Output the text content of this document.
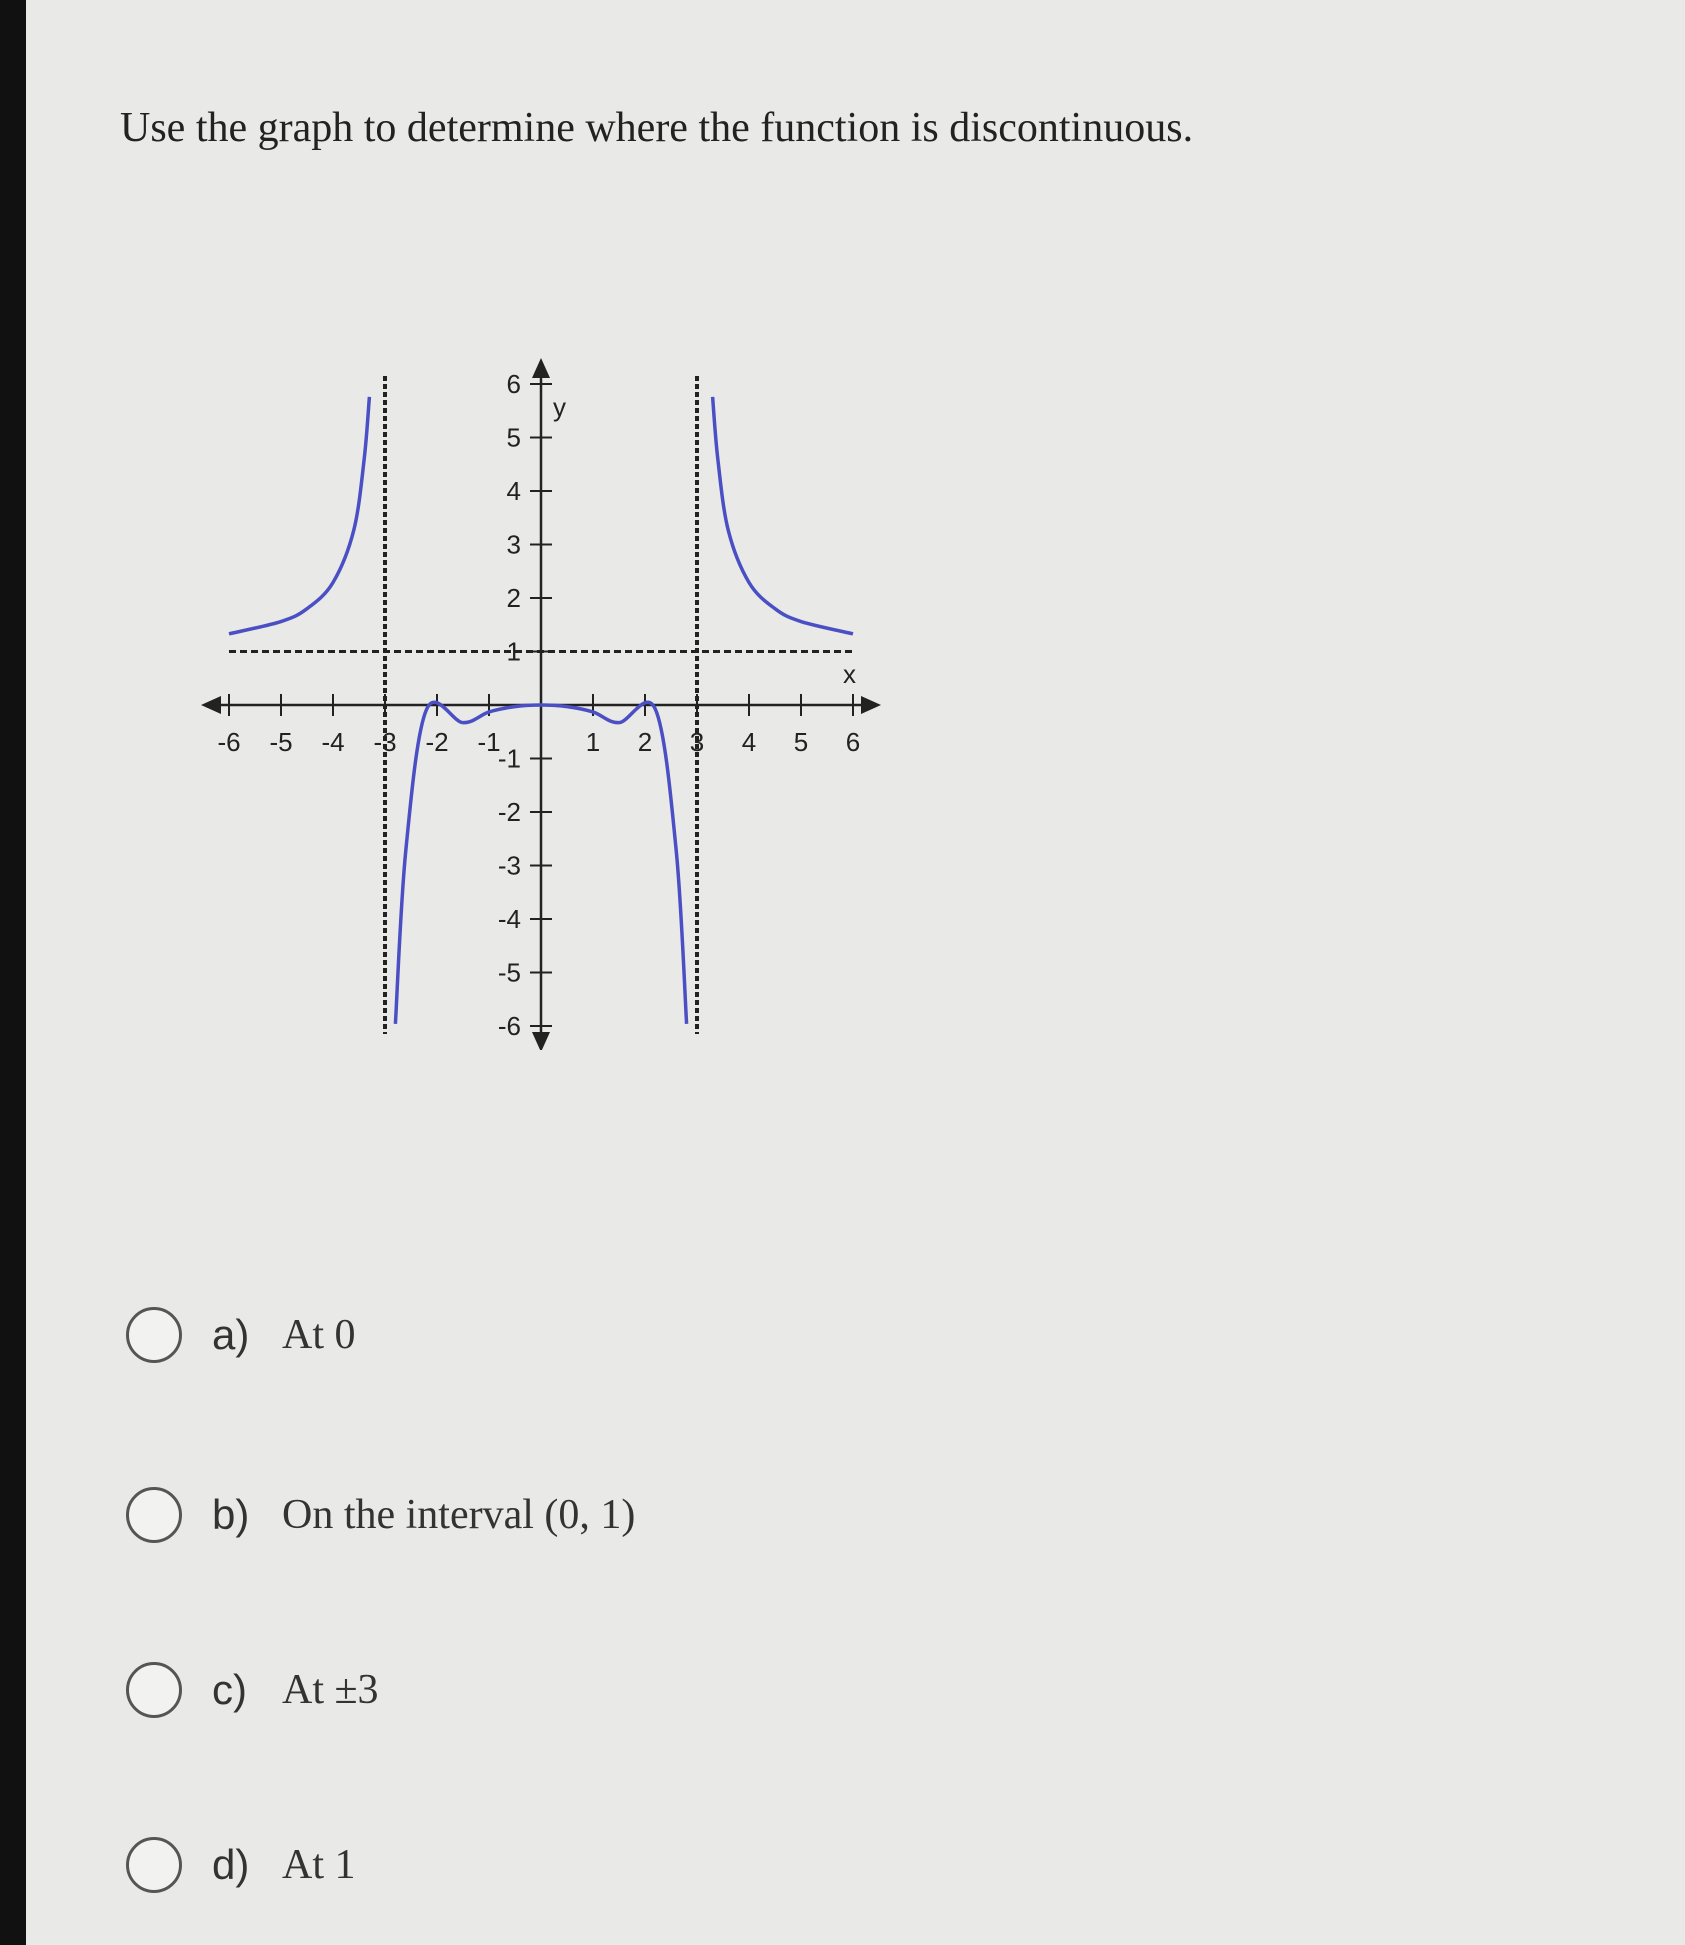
Use the graph to determine where the function is discontinuous.
-6 -5 -4 -3 -2 -1	1 2 3 4 5 6
6
5
4
3
2
1
-1
-2
-3
-4
-5
-6
x
y
a) At 0
b) On the interval (0, 1)
c) At ±3
d) At 1
